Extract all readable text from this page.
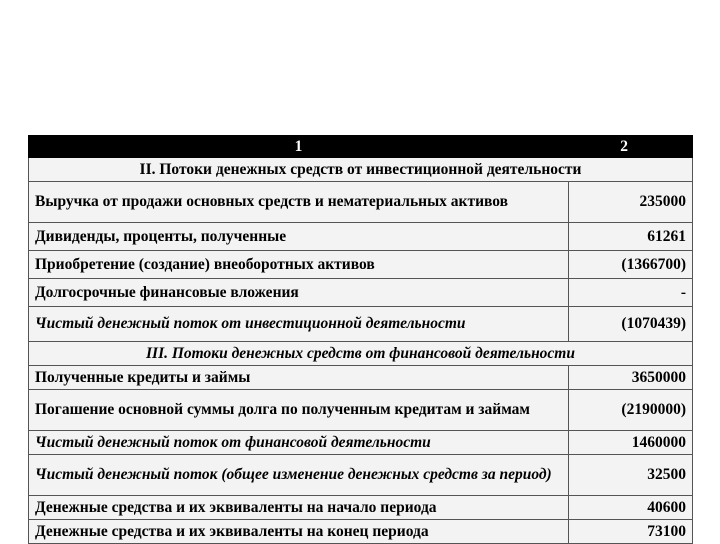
1	2
II. Потоки денежных средств от инвестиционной деятельности	
Выручка от продажи основных средств и нематериальных активов	235000
Дивиденды, проценты, полученные	61261
Приобретение (создание) внеоборотных активов	(1366700)
Долгосрочные финансовые вложения	-
Чистый денежный поток от инвестиционной деятельности	(1070439)
III. Потоки денежных средств от финансовой деятельности	
Полученные кредиты и займы	3650000
Погашение основной суммы долга по полученным кредитам и займам	(2190000)
Чистый денежный поток от финансовой деятельности	1460000
Чистый денежный поток (общее изменение денежных средств за период)	32500
Денежные средства и их эквиваленты на начало периода	40600
Денежные средства и их эквиваленты на конец периода	73100
